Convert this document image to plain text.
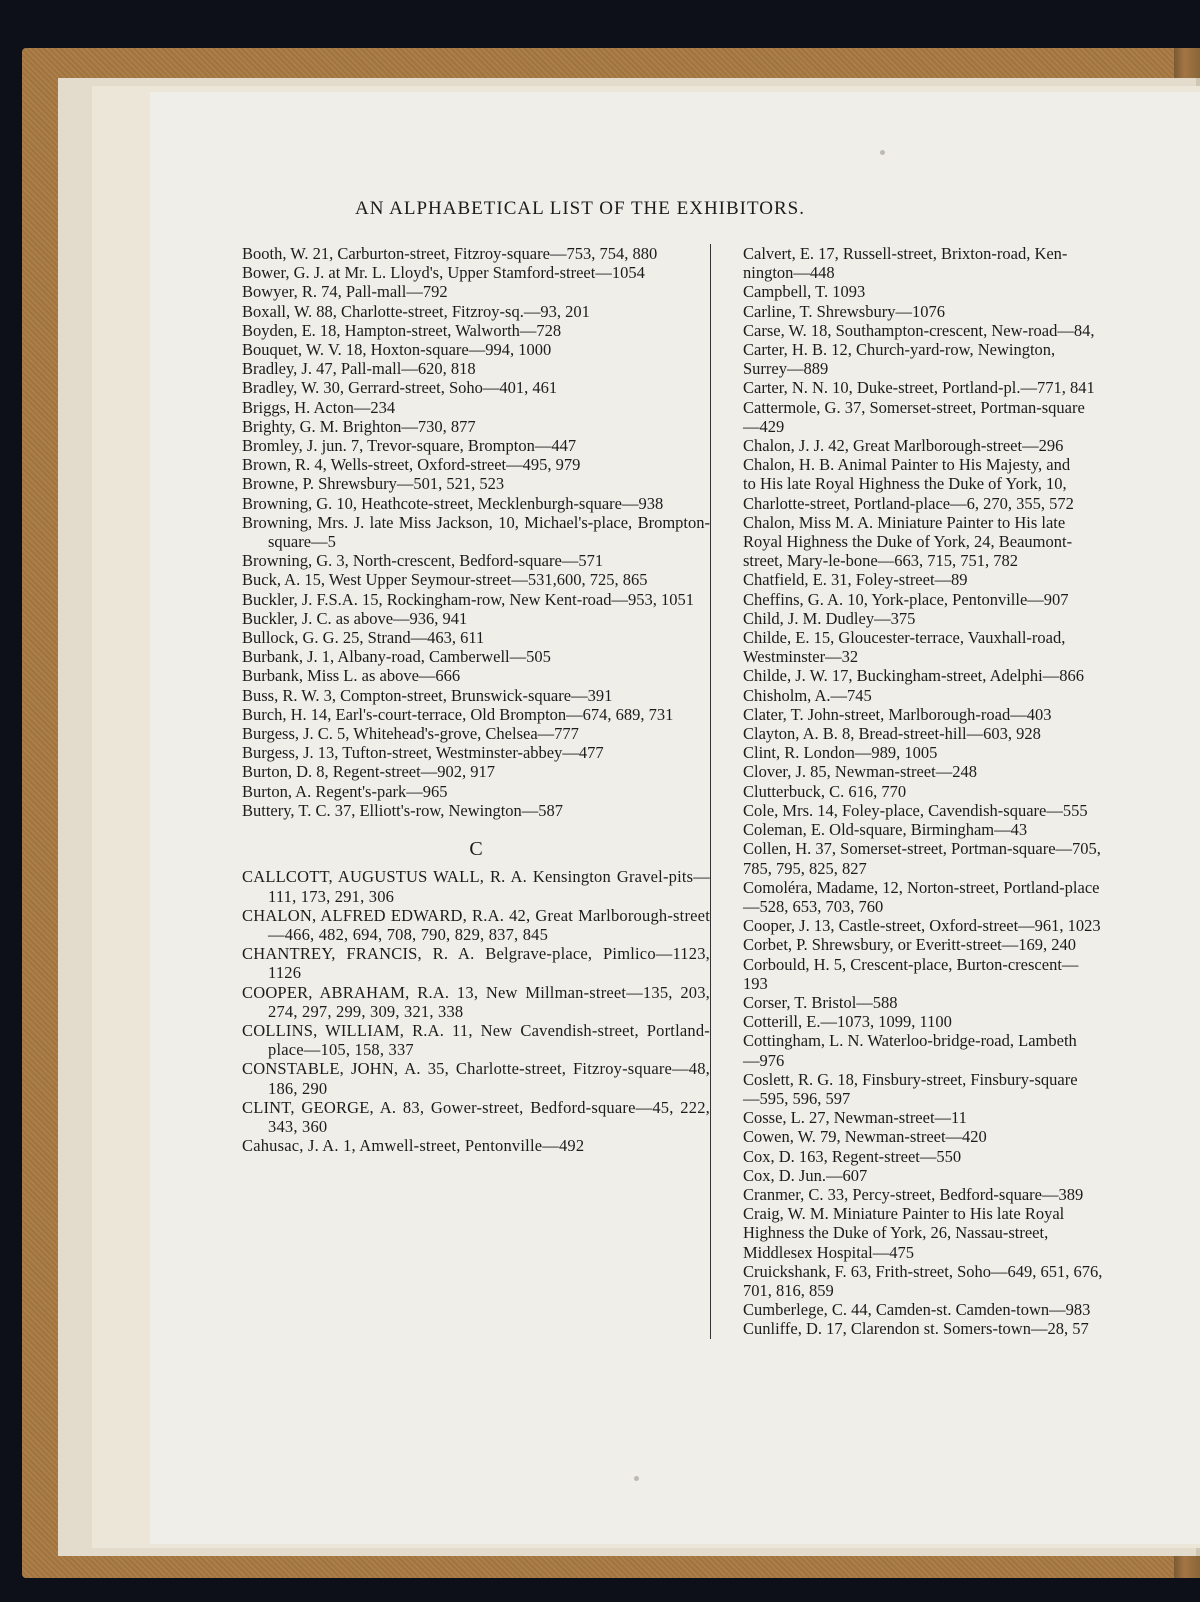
AN ALPHABETICAL LIST OF THE EXHIBITORS.

Booth, W. 21, Carburton-street, Fitzroy-square—753, 754, 880

Bower, G. J. at Mr. L. Lloyd's, Upper Stamford-street—1054

Bowyer, R. 74, Pall-mall—792

Boxall, W. 88, Charlotte-street, Fitzroy-sq.—93, 201

Boyden, E. 18, Hampton-street, Walworth—728

Bouquet, W. V. 18, Hoxton-square—994, 1000

Bradley, J. 47, Pall-mall—620, 818

Bradley, W. 30, Gerrard-street, Soho—401, 461

Briggs, H. Acton—234

Brighty, G. M. Brighton—730, 877

Bromley, J. jun. 7, Trevor-square, Brompton—447

Brown, R. 4, Wells-street, Oxford-street—495, 979

Browne, P. Shrewsbury—501, 521, 523

Browning, G. 10, Heathcote-street, Mecklenburgh-square—938

Browning, Mrs. J. late Miss Jackson, 10, Michael's-place, Brompton-square—5

Browning, G. 3, North-crescent, Bedford-square—571

Buck, A. 15, West Upper Seymour-street—531,600, 725, 865

Buckler, J. F.S.A. 15, Rockingham-row, New Kent-road—953, 1051

Buckler, J. C. as above—936, 941

Bullock, G. G. 25, Strand—463, 611

Burbank, J. 1, Albany-road, Camberwell—505

Burbank, Miss L. as above—666

Buss, R. W. 3, Compton-street, Brunswick-square—391

Burch, H. 14, Earl's-court-terrace, Old Brompton—674, 689, 731

Burgess, J. C. 5, Whitehead's-grove, Chelsea—777

Burgess, J. 13, Tufton-street, Westminster-abbey—477

Burton, D. 8, Regent-street—902, 917

Burton, A. Regent's-park—965

Buttery, T. C. 37, Elliott's-row, Newington—587

C

CALLCOTT, AUGUSTUS WALL, R. A. Kensington Gravel-pits—111, 173, 291, 306

CHALON, ALFRED EDWARD, R.A. 42, Great Marlborough-street—466, 482, 694, 708, 790, 829, 837, 845

CHANTREY, FRANCIS, R. A. Belgrave-place, Pimlico—1123, 1126

COOPER, ABRAHAM, R.A. 13, New Millman-street—135, 203, 274, 297, 299, 309, 321, 338

COLLINS, WILLIAM, R.A. 11, New Cavendish-street, Portland-place—105, 158, 337

CONSTABLE, JOHN, A. 35, Charlotte-street, Fitzroy-square—48, 186, 290

CLINT, GEORGE, A. 83, Gower-street, Bedford-square—45, 222, 343, 360

Cahusac, J. A. 1, Amwell-street, Pentonville—492

Calvert, E. 17, Russell-street, Brixton-road, Ken-
nington—448
Campbell, T. 1093
Carline, T. Shrewsbury—1076
Carse, W. 18, Southampton-crescent, New-road—84,
Carter, H. B. 12, Church-yard-row, Newington,
Surrey—889
Carter, N. N. 10, Duke-street, Portland-pl.—771, 841
Cattermole, G. 37, Somerset-street, Portman-square
—429
Chalon, J. J. 42, Great Marlborough-street—296
Chalon, H. B. Animal Painter to His Majesty, and
to His late Royal Highness the Duke of York, 10,
Charlotte-street, Portland-place—6, 270, 355, 572
Chalon, Miss M. A. Miniature Painter to His late
Royal Highness the Duke of York, 24, Beaumont-
street, Mary-le-bone—663, 715, 751, 782
Chatfield, E. 31, Foley-street—89
Cheffins, G. A. 10, York-place, Pentonville—907
Child, J. M. Dudley—375
Childe, E. 15, Gloucester-terrace, Vauxhall-road,
Westminster—32
Childe, J. W. 17, Buckingham-street, Adelphi—866
Chisholm, A.—745
Clater, T. John-street, Marlborough-road—403
Clayton, A. B. 8, Bread-street-hill—603, 928
Clint, R. London—989, 1005
Clover, J. 85, Newman-street—248
Clutterbuck, C. 616, 770
Cole, Mrs. 14, Foley-place, Cavendish-square—555
Coleman, E. Old-square, Birmingham—43
Collen, H. 37, Somerset-street, Portman-square—705,
785, 795, 825, 827
Comoléra, Madame, 12, Norton-street, Portland-place
—528, 653, 703, 760
Cooper, J. 13, Castle-street, Oxford-street—961, 1023
Corbet, P. Shrewsbury, or Everitt-street—169, 240
Corbould, H. 5, Crescent-place, Burton-crescent—
193
Corser, T. Bristol—588
Cotterill, E.—1073, 1099, 1100
Cottingham, L. N. Waterloo-bridge-road, Lambeth
—976
Coslett, R. G. 18, Finsbury-street, Finsbury-square
—595, 596, 597
Cosse, L. 27, Newman-street—11
Cowen, W. 79, Newman-street—420
Cox, D. 163, Regent-street—550
Cox, D. Jun.—607
Cranmer, C. 33, Percy-street, Bedford-square—389
Craig, W. M. Miniature Painter to His late Royal
Highness the Duke of York, 26, Nassau-street,
Middlesex Hospital—475
Cruickshank, F. 63, Frith-street, Soho—649, 651, 676,
701, 816, 859
Cumberlege, C. 44, Camden-st. Camden-town—983
Cunliffe, D. 17, Clarendon st. Somers-town—28, 57
